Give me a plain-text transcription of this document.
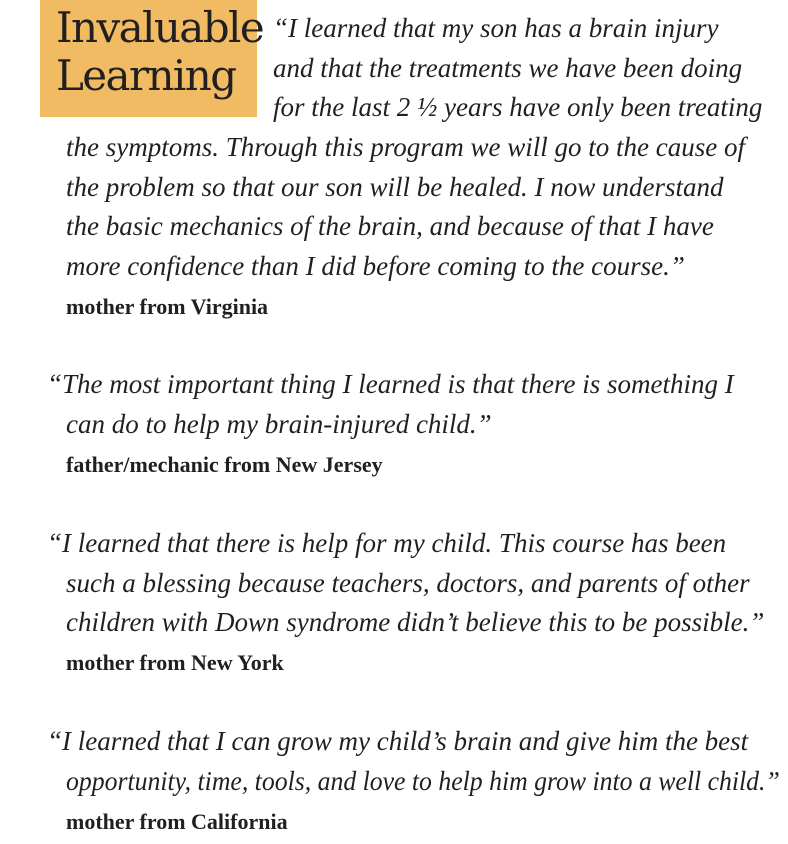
Invaluable
Learning
“I learned that my son has a brain injury
and that the treatments we have been doing
for the last 2 ½ years have only been treating
the symptoms. Through this program we will go to the cause of
the problem so that our son will be healed. I now understand
the basic mechanics of the brain, and because of that I have
more confidence than I did before coming to the course.”
mother from Virginia
“The most important thing I learned is that there is something I
can do to help my brain-injured child.”
father/mechanic from New Jersey
“I learned that there is help for my child. This course has been
such a blessing because teachers, doctors, and parents of other
children with Down syndrome didn’t believe this to be possible.”
mother from New York
“I learned that I can grow my child’s brain and give him the best
opportunity, time, tools, and love to help him grow into a well child.”
mother from California
